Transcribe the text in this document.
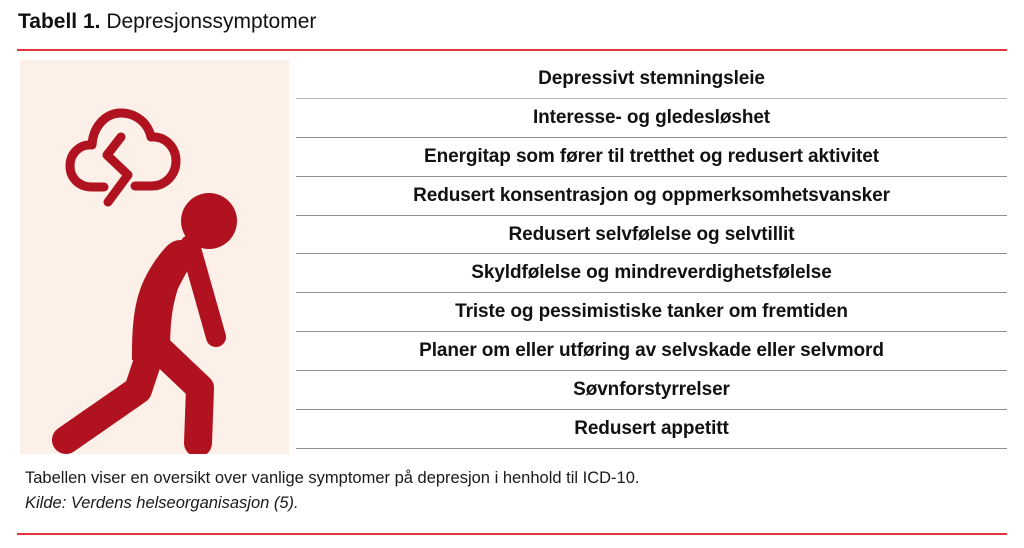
Tabell 1. Depresjonssymptomer
Depressivt stemningsleie
Interesse- og gledesløshet
Energitap som fører til tretthet og redusert aktivitet
Redusert konsentrasjon og oppmerksomhetsvansker
Redusert selvfølelse og selvtillit
Skyldfølelse og mindreverdighetsfølelse
Triste og pessimistiske tanker om fremtiden
Planer om eller utføring av selvskade eller selvmord
Søvnforstyrrelser
Redusert appetitt
Tabellen viser en oversikt over vanlige symptomer på depresjon i henhold til ICD-10.
Kilde: Verdens helseorganisasjon (5).
